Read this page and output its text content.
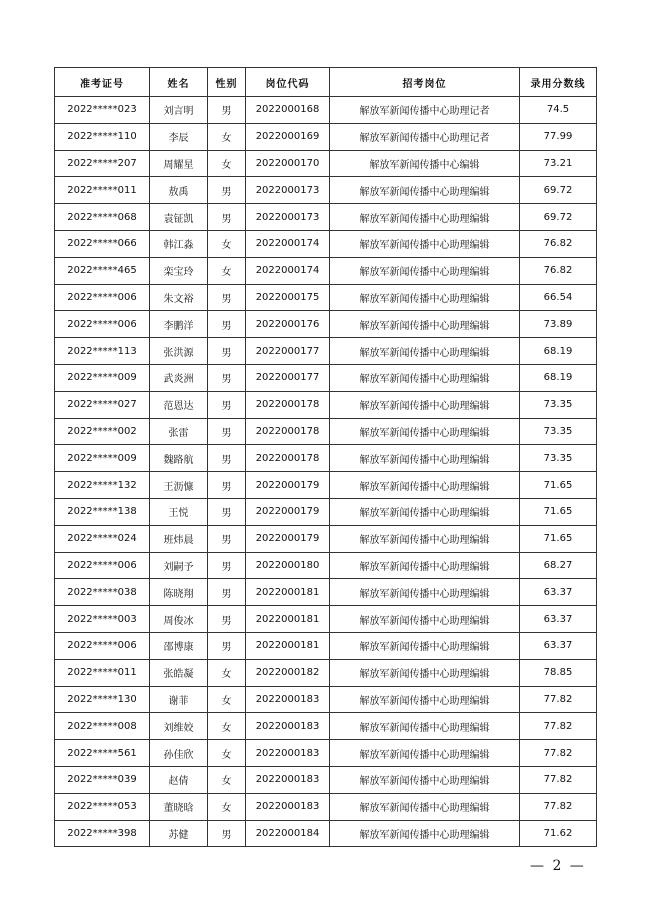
准考证号	姓名	性别	岗位代码	招考岗位	录用分数线
2022*****023	刘言明	男	2022000168	解放军新闻传播中心助理记者	74.5
2022*****110	李辰	女	2022000169	解放军新闻传播中心助理记者	77.99
2022*****207	周耀星	女	2022000170	解放军新闻传播中心编辑	73.21
2022*****011	敖禹	男	2022000173	解放军新闻传播中心助理编辑	69.72
2022*****068	袁钲凯	男	2022000173	解放军新闻传播中心助理编辑	69.72
2022*****066	韩江淼	女	2022000174	解放军新闻传播中心助理编辑	76.82
2022*****465	栾宝玲	女	2022000174	解放军新闻传播中心助理编辑	76.82
2022*****006	朱文裕	男	2022000175	解放军新闻传播中心助理编辑	66.54
2022*****006	李鹏洋	男	2022000176	解放军新闻传播中心助理编辑	73.89
2022*****113	张洪源	男	2022000177	解放军新闻传播中心助理编辑	68.19
2022*****009	武炎洲	男	2022000177	解放军新闻传播中心助理编辑	68.19
2022*****027	范恩达	男	2022000178	解放军新闻传播中心助理编辑	73.35
2022*****002	张雷	男	2022000178	解放军新闻传播中心助理编辑	73.35
2022*****009	魏路航	男	2022000178	解放军新闻传播中心助理编辑	73.35
2022*****132	王沥慷	男	2022000179	解放军新闻传播中心助理编辑	71.65
2022*****138	王悦	男	2022000179	解放军新闻传播中心助理编辑	71.65
2022*****024	班炜晨	男	2022000179	解放军新闻传播中心助理编辑	71.65
2022*****006	刘嗣予	男	2022000180	解放军新闻传播中心助理编辑	68.27
2022*****038	陈晓翔	男	2022000181	解放军新闻传播中心助理编辑	63.37
2022*****003	周俊冰	男	2022000181	解放军新闻传播中心助理编辑	63.37
2022*****006	邵博康	男	2022000181	解放军新闻传播中心助理编辑	63.37
2022*****011	张皓凝	女	2022000182	解放军新闻传播中心助理编辑	78.85
2022*****130	谢菲	女	2022000183	解放军新闻传播中心助理编辑	77.82
2022*****008	刘维姣	女	2022000183	解放军新闻传播中心助理编辑	77.82
2022*****561	孙佳欣	女	2022000183	解放军新闻传播中心助理编辑	77.82
2022*****039	赵倩	女	2022000183	解放军新闻传播中心助理编辑	77.82
2022*****053	董晓晗	女	2022000183	解放军新闻传播中心助理编辑	77.82
2022*****398	苏健	男	2022000184	解放军新闻传播中心助理编辑	71.62
— 2 —
